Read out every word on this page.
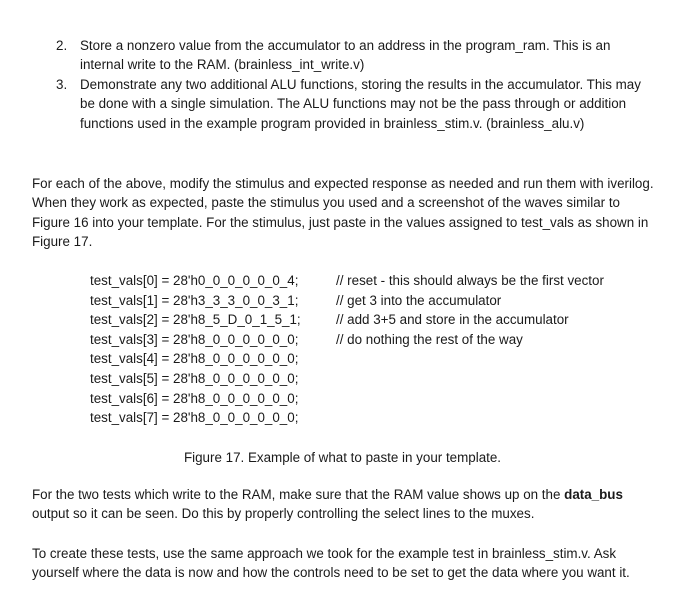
2. Store a nonzero value from the accumulator to an address in the program_ram. This is an internal write to the RAM. (brainless_int_write.v)
3. Demonstrate any two additional ALU functions, storing the results in the accumulator. This may be done with a single simulation. The ALU functions may not be the pass through or addition functions used in the example program provided in brainless_stim.v. (brainless_alu.v)
For each of the above, modify the stimulus and expected response as needed and run them with iverilog. When they work as expected, paste the stimulus you used and a screenshot of the waves similar to Figure 16 into your template. For the stimulus, just paste in the values assigned to test_vals as shown in Figure 17.
test_vals[0] = 28'h0_0_0_0_0_0_4;	// reset - this should always be the first vector
test_vals[1] = 28'h3_3_3_0_0_3_1;	// get 3 into the accumulator
test_vals[2] = 28'h8_5_D_0_1_5_1;	// add 3+5 and store in the accumulator
test_vals[3] = 28'h8_0_0_0_0_0_0;	// do nothing the rest of the way
test_vals[4] = 28'h8_0_0_0_0_0_0;
test_vals[5] = 28'h8_0_0_0_0_0_0;
test_vals[6] = 28'h8_0_0_0_0_0_0;
test_vals[7] = 28'h8_0_0_0_0_0_0;
Figure 17. Example of what to paste in your template.
For the two tests which write to the RAM, make sure that the RAM value shows up on the data_bus output so it can be seen. Do this by properly controlling the select lines to the muxes.
To create these tests, use the same approach we took for the example test in brainless_stim.v. Ask yourself where the data is now and how the controls need to be set to get the data where you want it.
